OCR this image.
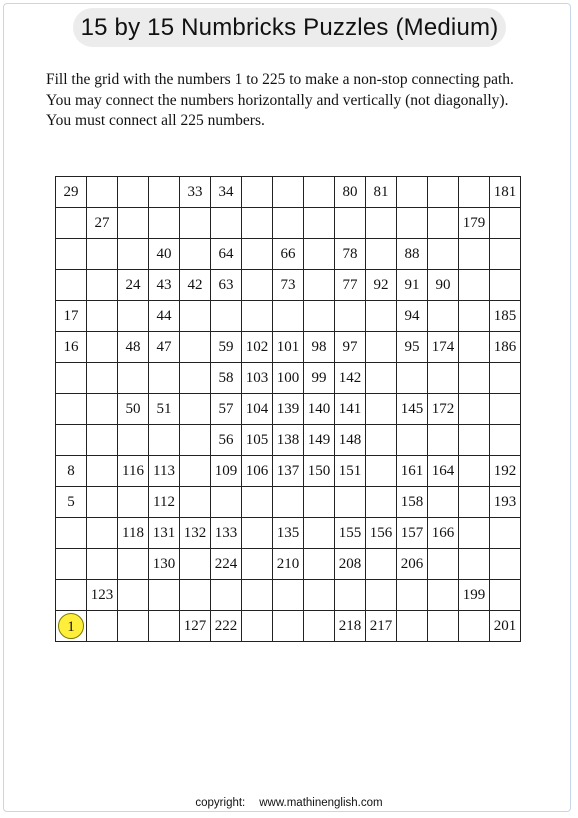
15 by 15 Numbricks Puzzles (Medium)
Fill the grid with the numbers 1 to 225 to make a non-stop connecting path.
You may connect the numbers horizontally and vertically (not diagonally).
You must connect all 225 numbers.
29				33	34				80	81				181
	27												179	
			40		64		66		78		88			
		24	43	42	63		73		77	92	91	90		
17			44								94			185
16		48	47		59	102	101	98	97		95	174		186
					58	103	100	99	142					
		50	51		57	104	139	140	141		145	172		
					56	105	138	149	148					
8		116	113		109	106	137	150	151		161	164		192
5			112								158			193
		118	131	132	133		135		155	156	157	166		
			130		224		210		208		206			
	123												199	
1				127	222				218	217				201
copyright: www.mathinenglish.com
